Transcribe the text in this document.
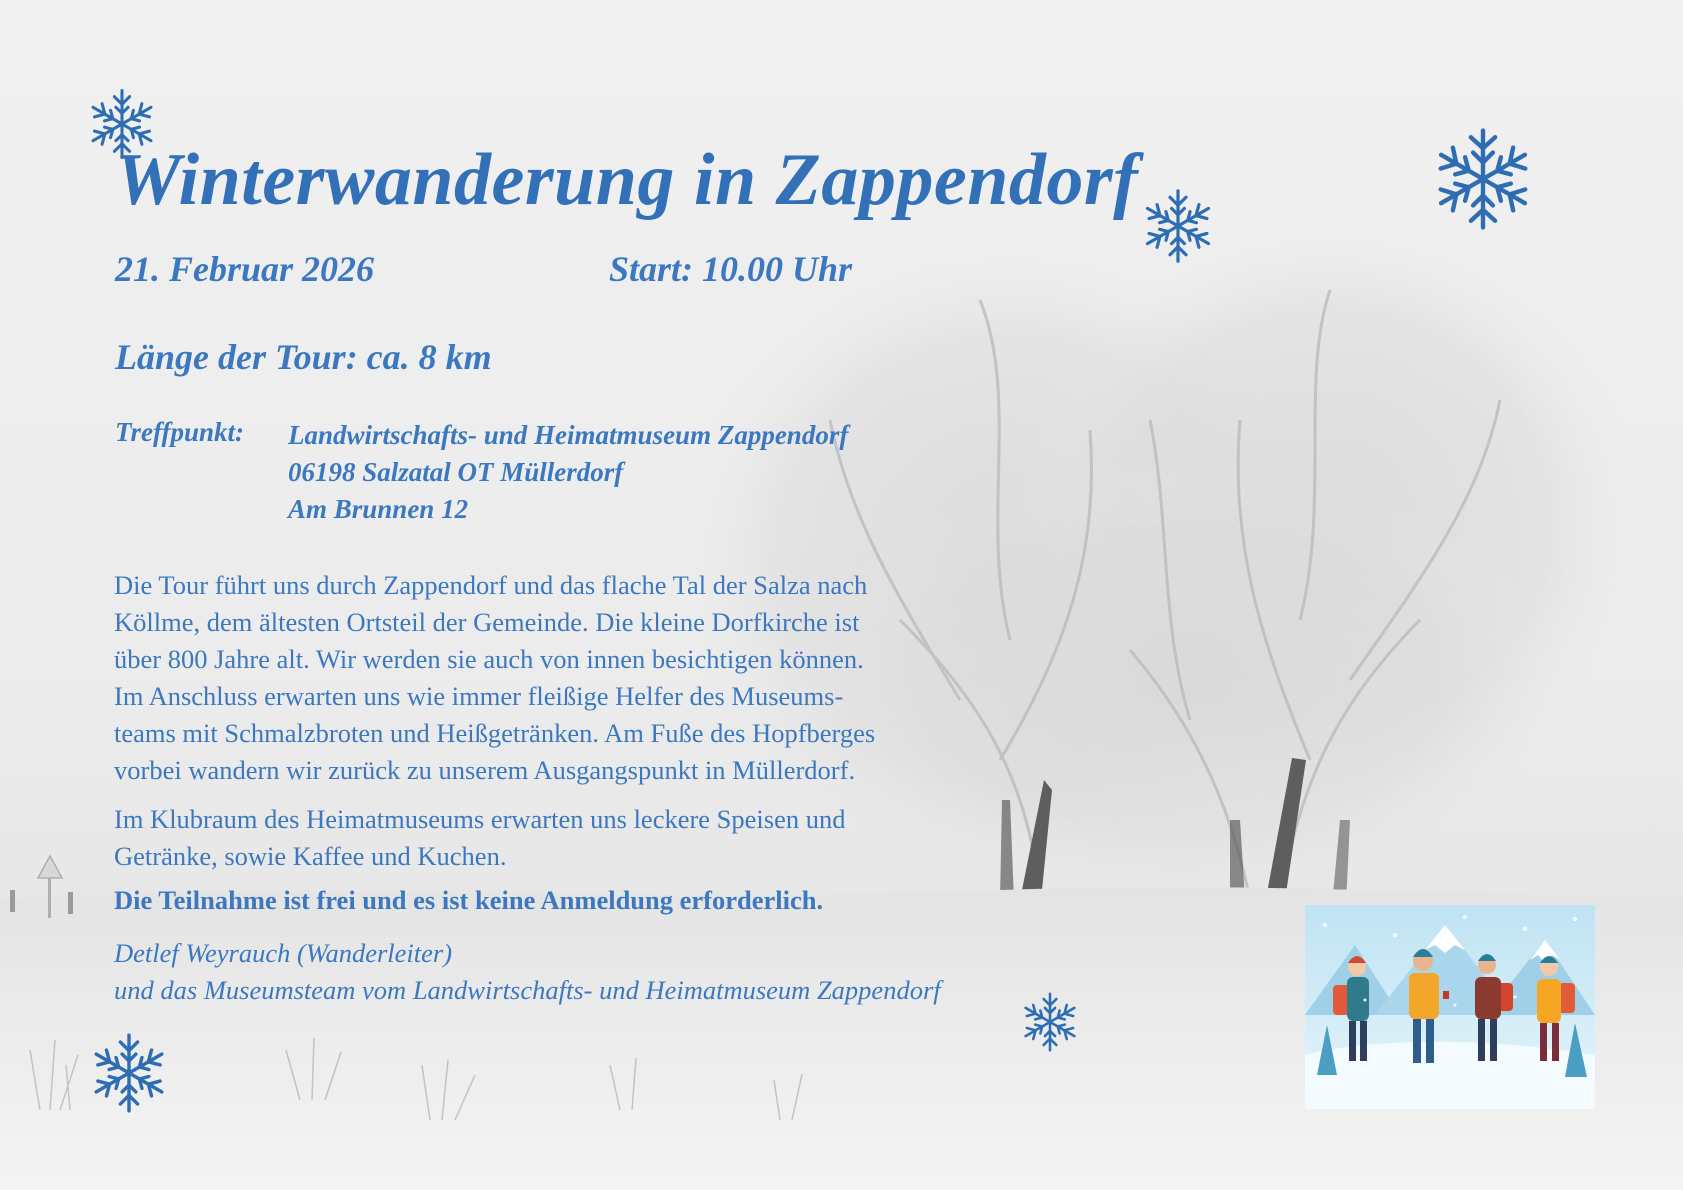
Winterwanderung in Zappendorf
21. Februar 2026	Start: 10.00 Uhr
Länge der Tour: ca. 8 km
Treffpunkt: Landwirtschafts- und Heimatmuseum Zappendorf
06198 Salzatal OT Müllerdorf
Am Brunnen 12

Die Tour führt uns durch Zappendorf und das flache Tal der Salza nach
Köllme, dem ältesten Ortsteil der Gemeinde. Die kleine Dorfkirche ist
über 800 Jahre alt. Wir werden sie auch von innen besichtigen können.
Im Anschluss erwarten uns wie immer fleißige Helfer des Museums-
teams mit Schmalzbroten und Heißgetränken. Am Fuße des Hopfberges
vorbei wandern wir zurück zu unserem Ausgangspunkt in Müllerdorf.

Im Klubraum des Heimatmuseums erwarten uns leckere Speisen und
Getränke, sowie Kaffee und Kuchen.

Die Teilnahme ist frei und es ist keine Anmeldung erforderlich.
Detlef Weyrauch (Wanderleiter)
und das Museumsteam vom Landwirtschafts- und Heimatmuseum Zappendorf
